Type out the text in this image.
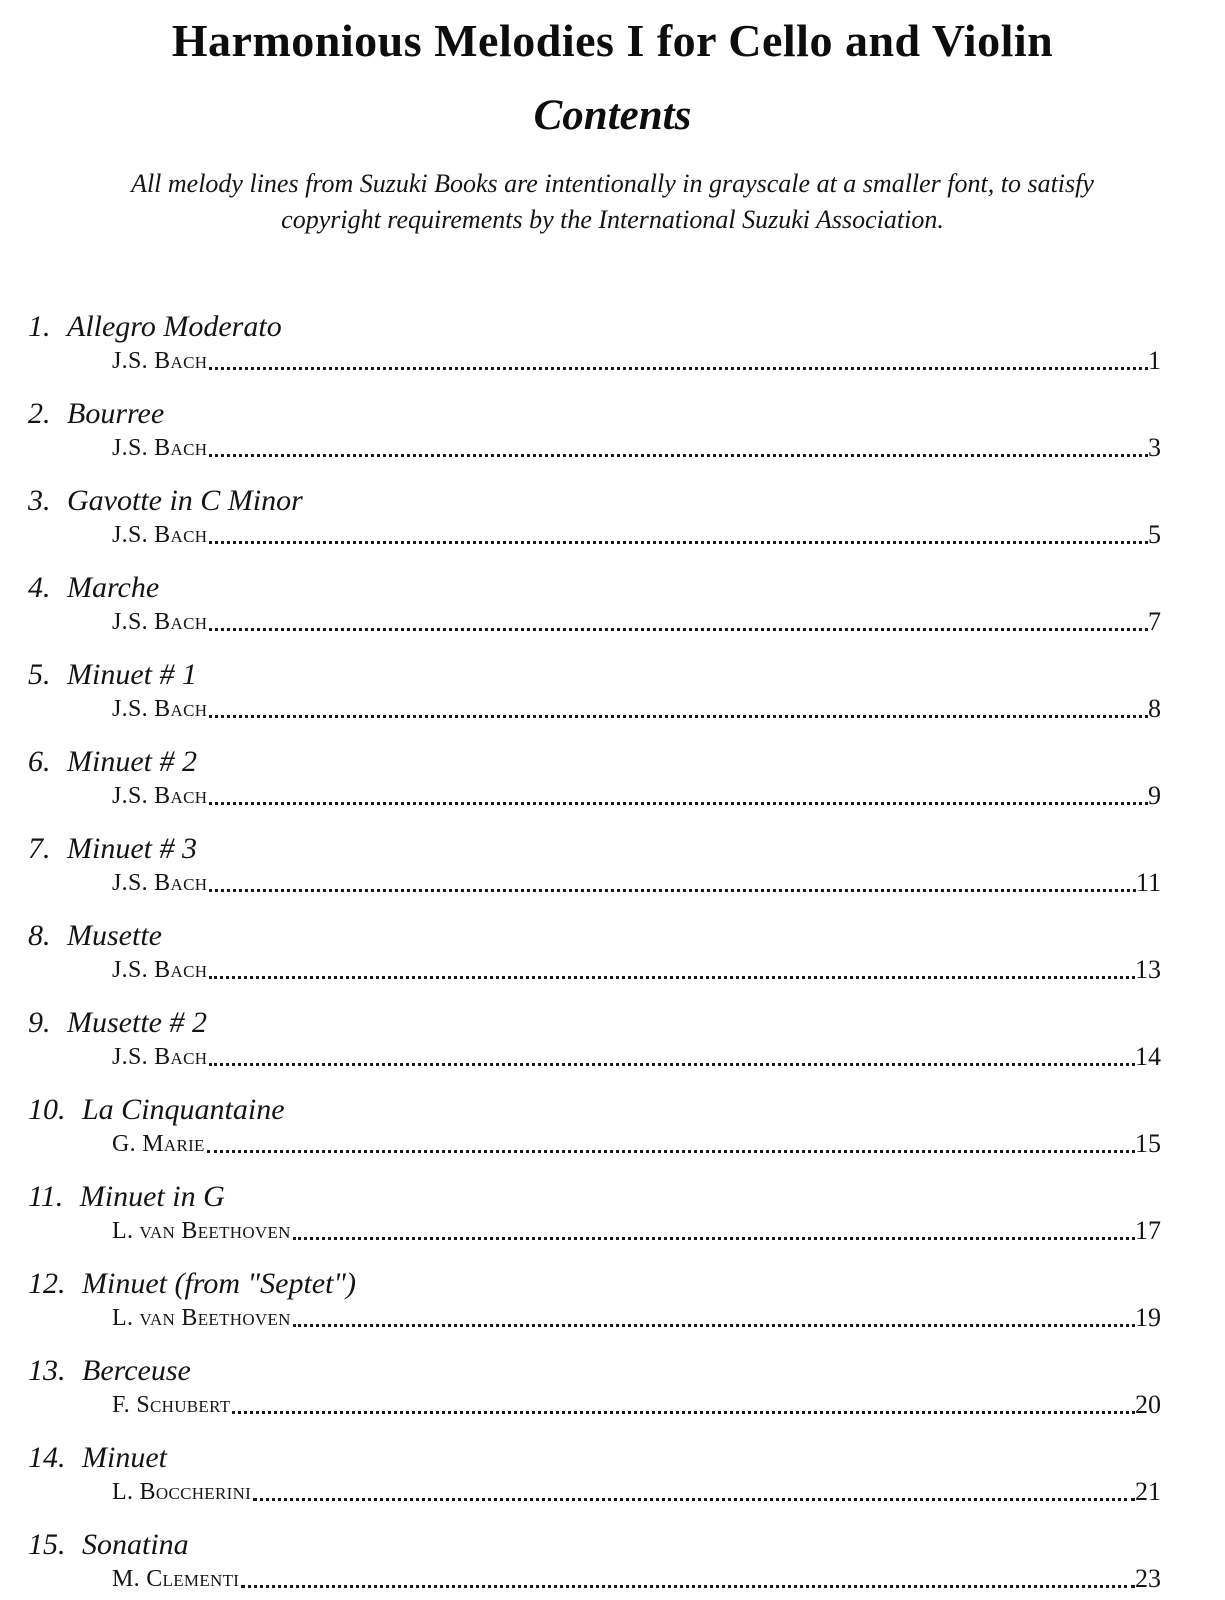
Harmonious Melodies I for Cello and Violin
Contents
All melody lines from Suzuki Books are intentionally in grayscale at a smaller font, to satisfy
copyright requirements by the International Suzuki Association.
1. Allegro Moderato
J.S. Bach	1
2. Bourree
J.S. Bach	3
3. Gavotte in C Minor
J.S. Bach	5
4. Marche
J.S. Bach	7
5. Minuet # 1
J.S. Bach	8
6. Minuet # 2
J.S. Bach	9
7. Minuet # 3
J.S. Bach	11
8. Musette
J.S. Bach	13
9. Musette # 2
J.S. Bach	14
10. La Cinquantaine
G. Marie	15
11. Minuet in G
L. van Beethoven	17
12. Minuet (from "Septet")
L. van Beethoven	19
13. Berceuse
F. Schubert	20
14. Minuet
L. Boccherini	21
15. Sonatina
M. Clementi	23
